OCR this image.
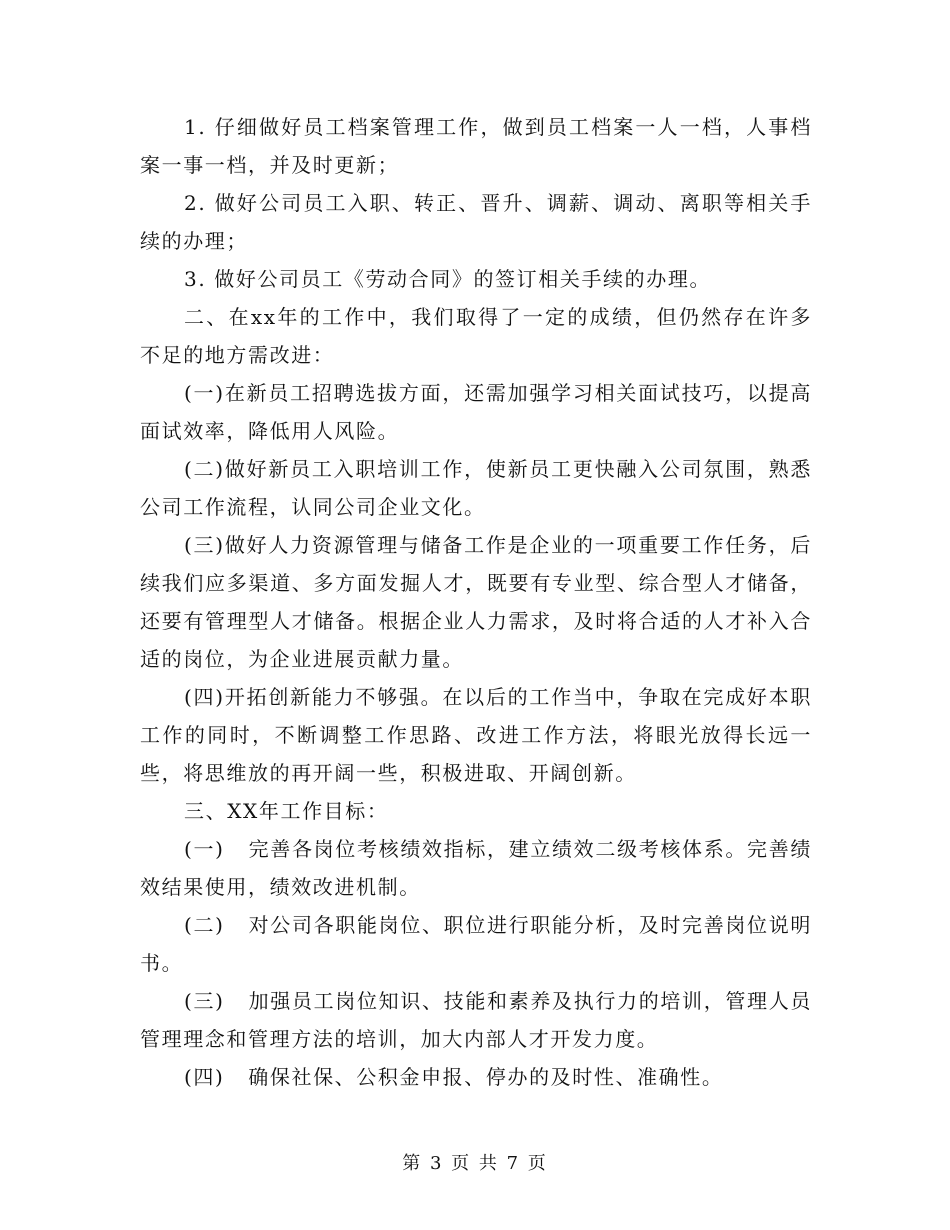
1. 仔细做好员工档案管理工作，做到员工档案一人一档，人事档案一事一档，并及时更新；

2. 做好公司员工入职、转正、晋升、调薪、调动、离职等相关手续的办理；

3. 做好公司员工《劳动合同》的签订相关手续的办理。

二、在xx年的工作中，我们取得了一定的成绩，但仍然存在许多不足的地方需改进：

(一)在新员工招聘选拔方面，还需加强学习相关面试技巧，以提高面试效率，降低用人风险。

(二)做好新员工入职培训工作，使新员工更快融入公司氛围，熟悉公司工作流程，认同公司企业文化。

(三)做好人力资源管理与储备工作是企业的一项重要工作任务，后续我们应多渠道、多方面发掘人才，既要有专业型、综合型人才储备，还要有管理型人才储备。根据企业人力需求，及时将合适的人才补入合适的岗位，为企业进展贡献力量。

(四)开拓创新能力不够强。在以后的工作当中，争取在完成好本职工作的同时，不断调整工作思路、改进工作方法，将眼光放得长远一些，将思维放的再开阔一些，积极进取、开阔创新。

三、XX年工作目标：

(一)   完善各岗位考核绩效指标，建立绩效二级考核体系。完善绩效结果使用，绩效改进机制。

(二)   对公司各职能岗位、职位进行职能分析，及时完善岗位说明书。

(三)   加强员工岗位知识、技能和素养及执行力的培训，管理人员管理理念和管理方法的培训，加大内部人才开发力度。

(四)   确保社保、公积金申报、停办的及时性、准确性。

第 3 页 共 7 页
